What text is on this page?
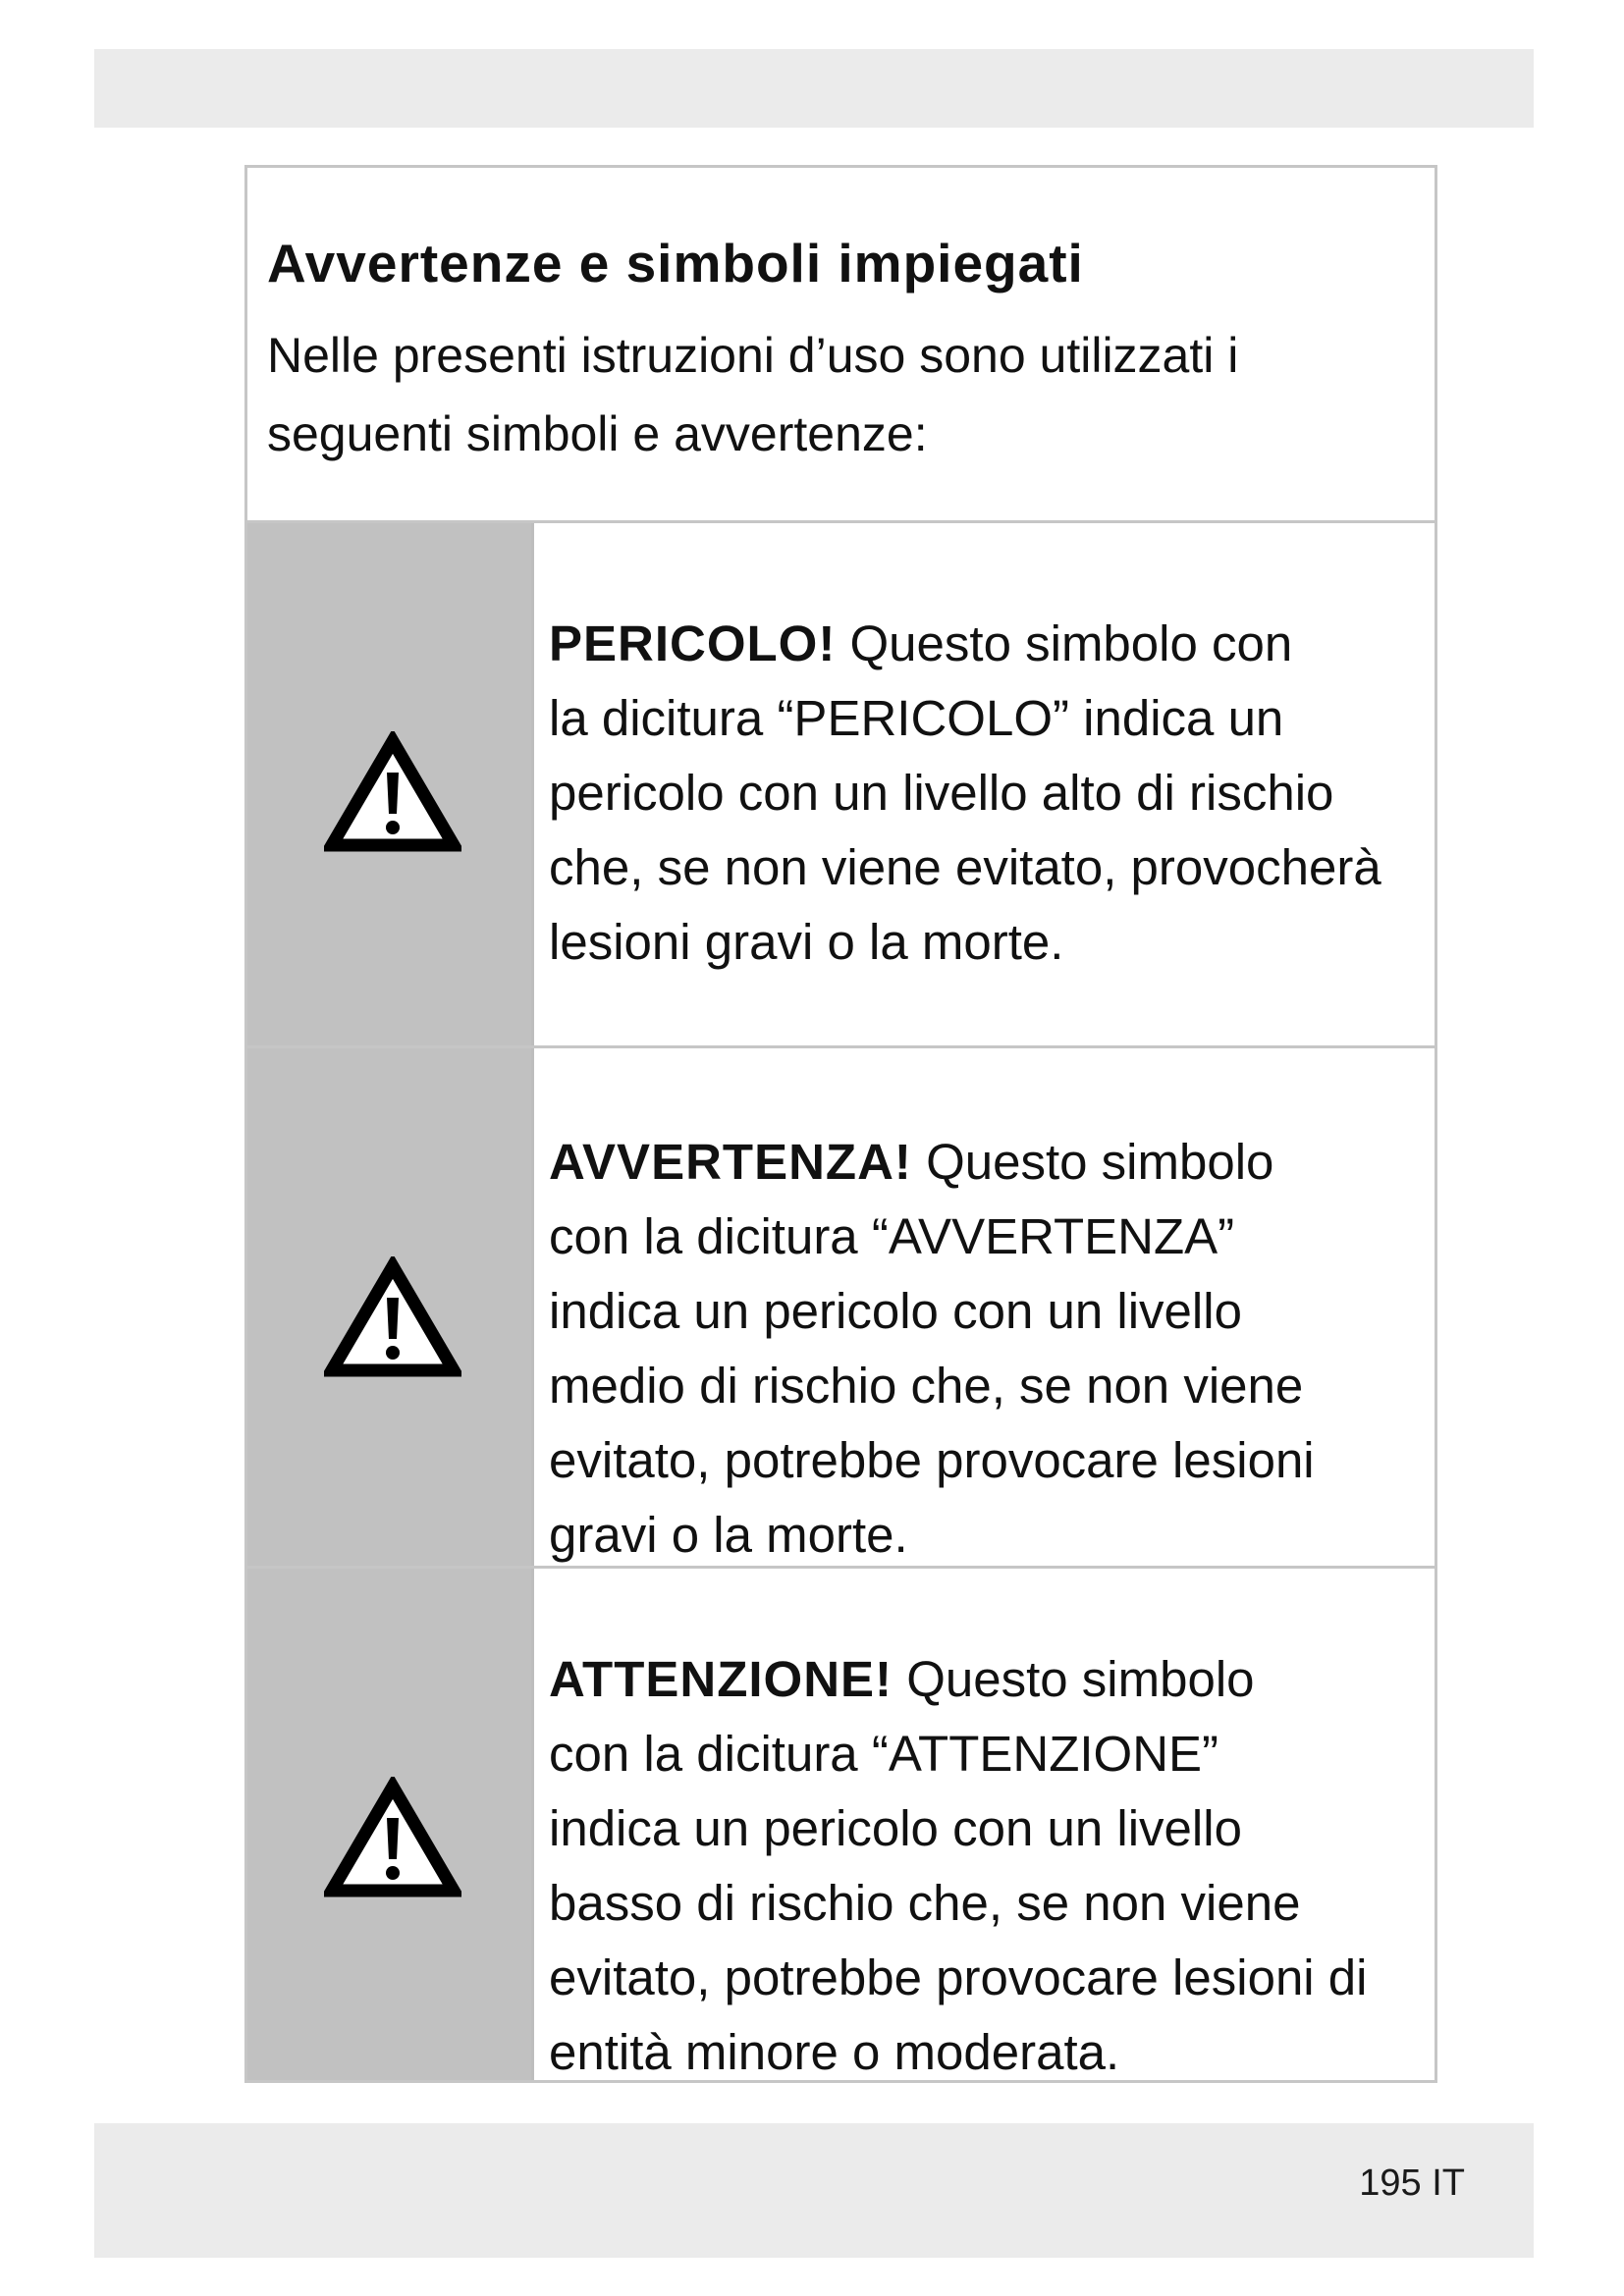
Avvertenze e simboli impiegati

Nelle presenti istruzioni d’uso sono utilizzati i
seguenti simboli e avvertenze:

PERICOLO! Questo simbolo con
la dicitura “PERICOLO” indica un
pericolo con un livello alto di rischio
che, se non viene evitato, provocherà
lesioni gravi o la morte.
AVVERTENZA! Questo simbolo
con la dicitura “AVVERTENZA”
indica un pericolo con un livello
medio di rischio che, se non viene
evitato, potrebbe provocare lesioni
gravi o la morte.
ATTENZIONE! Questo simbolo
con la dicitura “ATTENZIONE”
indica un pericolo con un livello
basso di rischio che, se non viene
evitato, potrebbe provocare lesioni di
entità minore o moderata.
195 IT
